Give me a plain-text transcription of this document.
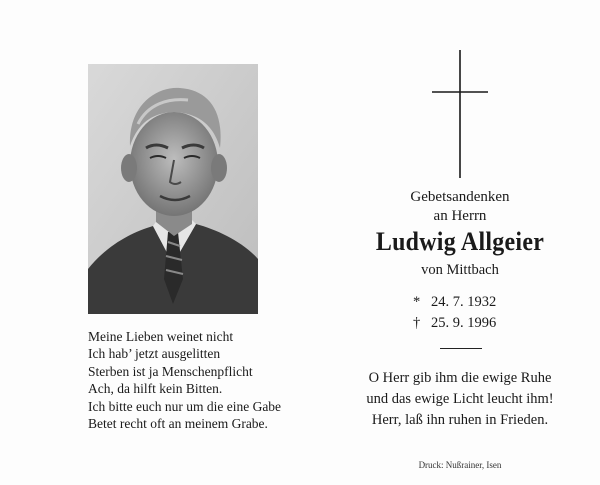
Meine Lieben weinet nicht
Ich hab’ jetzt ausgelitten
Sterben ist ja Menschenpflicht
Ach, da hilft kein Bitten.
Ich bitte euch nur um die eine Gabe
Betet recht oft an meinem Grabe.
Gebetsandenken
an Herrn
Ludwig Allgeier
von Mittbach
* 24. 7. 1932
† 25. 9. 1996
O Herr gib ihm die ewige Ruhe
und das ewige Licht leucht ihm!
Herr, laß ihn ruhen in Frieden.
Druck: Nußrainer, Isen
